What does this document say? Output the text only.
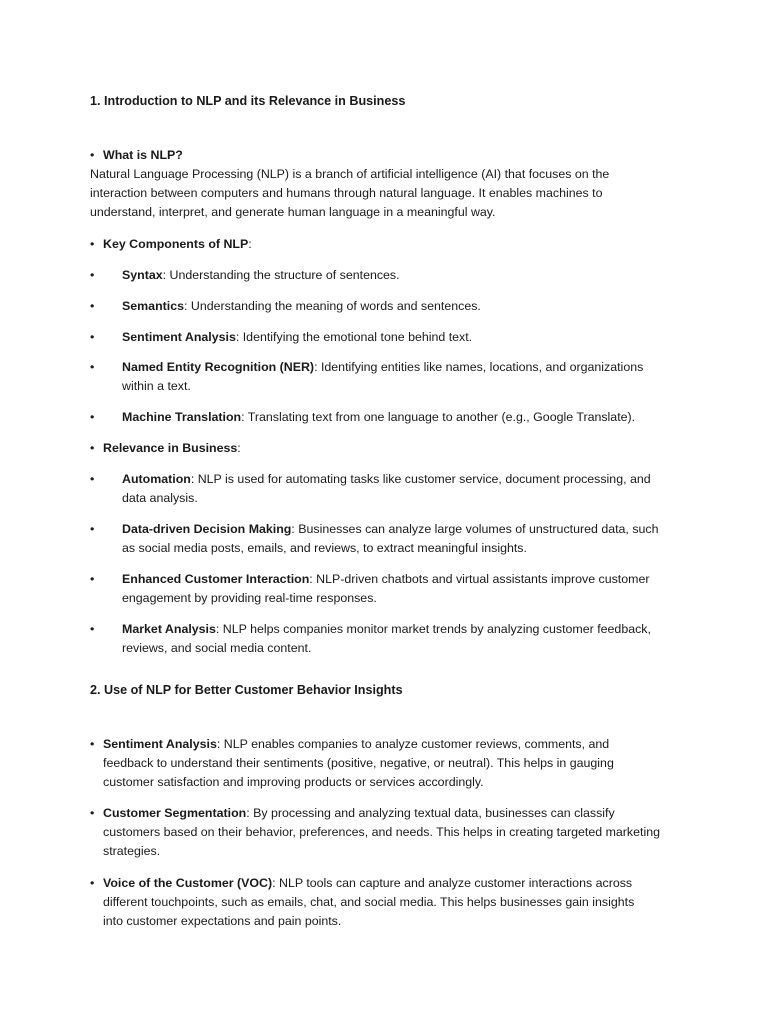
1. Introduction to NLP and its Relevance in Business
•
What is NLP?
Natural Language Processing (NLP) is a branch of artificial intelligence (AI) that focuses on the
interaction between computers and humans through natural language. It enables machines to
understand, interpret, and generate human language in a meaningful way.
•
Key Components of NLP:
•
Syntax: Understanding the structure of sentences.
•
Semantics: Understanding the meaning of words and sentences.
•
Sentiment Analysis: Identifying the emotional tone behind text.
•
Named Entity Recognition (NER): Identifying entities like names, locations, and organizations
within a text.
•
Machine Translation: Translating text from one language to another (e.g., Google Translate).
•
Relevance in Business:
•
Automation: NLP is used for automating tasks like customer service, document processing, and
data analysis.
•
Data-driven Decision Making: Businesses can analyze large volumes of unstructured data, such
as social media posts, emails, and reviews, to extract meaningful insights.
•
Enhanced Customer Interaction: NLP-driven chatbots and virtual assistants improve customer
engagement by providing real-time responses.
•
Market Analysis: NLP helps companies monitor market trends by analyzing customer feedback,
reviews, and social media content.
2. Use of NLP for Better Customer Behavior Insights
•
Sentiment Analysis: NLP enables companies to analyze customer reviews, comments, and
feedback to understand their sentiments (positive, negative, or neutral). This helps in gauging
customer satisfaction and improving products or services accordingly.
•
Customer Segmentation: By processing and analyzing textual data, businesses can classify
customers based on their behavior, preferences, and needs. This helps in creating targeted marketing
strategies.
•
Voice of the Customer (VOC): NLP tools can capture and analyze customer interactions across
different touchpoints, such as emails, chat, and social media. This helps businesses gain insights
into customer expectations and pain points.
